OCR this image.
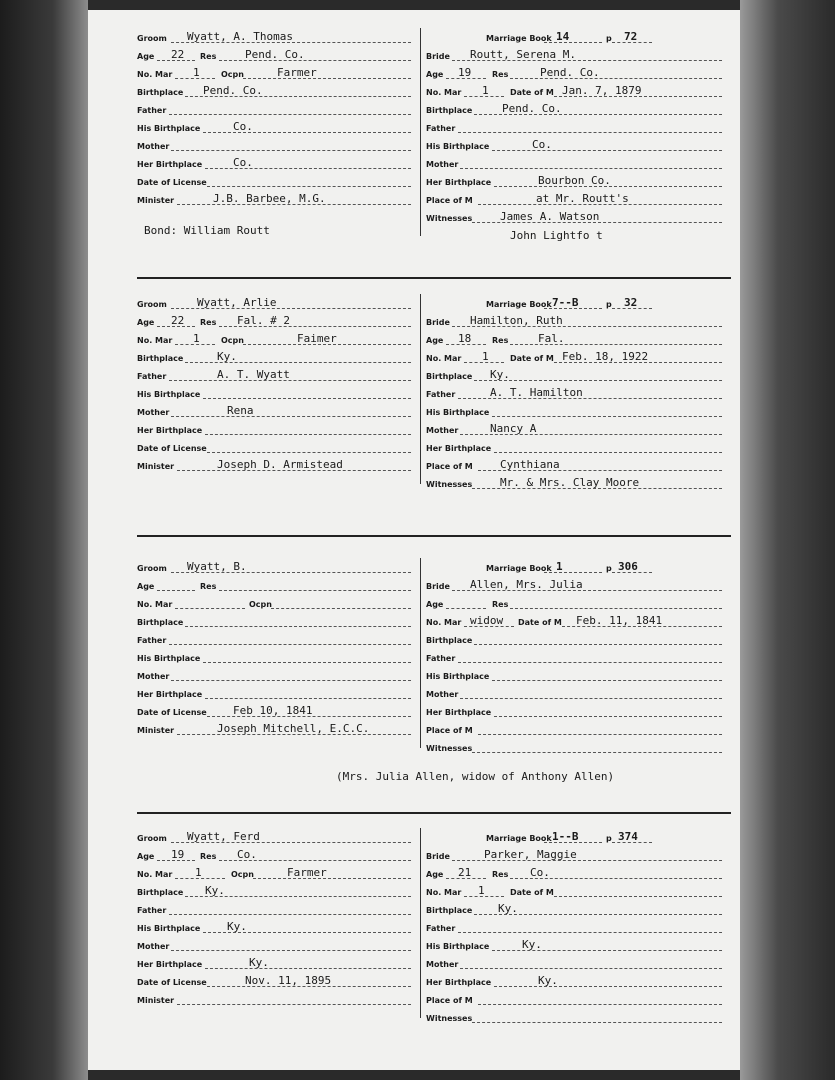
Groom Wyatt, A. Thomas
Age 22 Res	Pend. Co.
No. Mar 1	Ocpn	Farmer
Birthplace Pend. Co.
Father
His Birthplace	Co.
Mother
Her Birthplace	Co.
Date of License
Minister	J.B. Barbee, M.G.
Marriage Book 14	p 72
Bride Routt, Serena M.
Age 19	Res	Pend. Co.
No. Mar 1	Date of M Jan. 7, 1879
Birthplace	Pend. Co.
Father
His Birthplace	Co.
Mother
Her Birthplace	Bourbon Co.
Place of M	at Mr. Routt's
Witnesses	James A. Watson
Bond: William Routt	John Lightfo t
Groom	Wyatt, Arlie
Age 22 Res Fal. # 2
No. Mar 1	Ocpn	Faimer
Birthplace	Ky.
Father	A. T. Wyatt
His Birthplace
Mother	Rena
Her Birthplace
Date of License
Minister	Joseph D. Armistead
Marriage Book 7--B	p 32
Bride Hamilton, Ruth
Age 18	Res	Fal.
No. Mar 1	Date of M Feb. 18, 1922
Birthplace Ky.
Father	A. T. Hamilton
His Birthplace
Mother	Nancy A
Her Birthplace
Place of M Cynthiana
Witnesses	Mr. & Mrs. Clay Moore
Groom Wyatt, B.
Age	Res
No. Mar	Ocpn
Birthplace
Father
His Birthplace
Mother
Her Birthplace
Date of License Feb 10, 1841
Minister	Joseph Mitchell, E.C.C.
Marriage Book 1	p 306
Bride Allen, Mrs. Julia
Age	Res
No. Mar widow Date of M Feb. 11, 1841
Birthplace
Father
His Birthplace
Mother
Her Birthplace
Place of M
Witnesses
(Mrs. Julia Allen, widow of Anthony Allen)
Groom Wyatt, Ferd
Age 19 Res Co.
No. Mar 1	Ocpn	Farmer
Birthplace Ky.
Father
His Birthplace Ky.
Mother
Her Birthplace	Ky.
Date of License	Nov. 11, 1895
Minister
Marriage Book 1--B	p 374
Bride	Parker, Maggie
Age 21	Res Co.
No. Mar 1	Date of M
Birthplace Ky.
Father
His Birthplace	Ky.
Mother
Her Birthplace	Ky.
Place of M
Witnesses
